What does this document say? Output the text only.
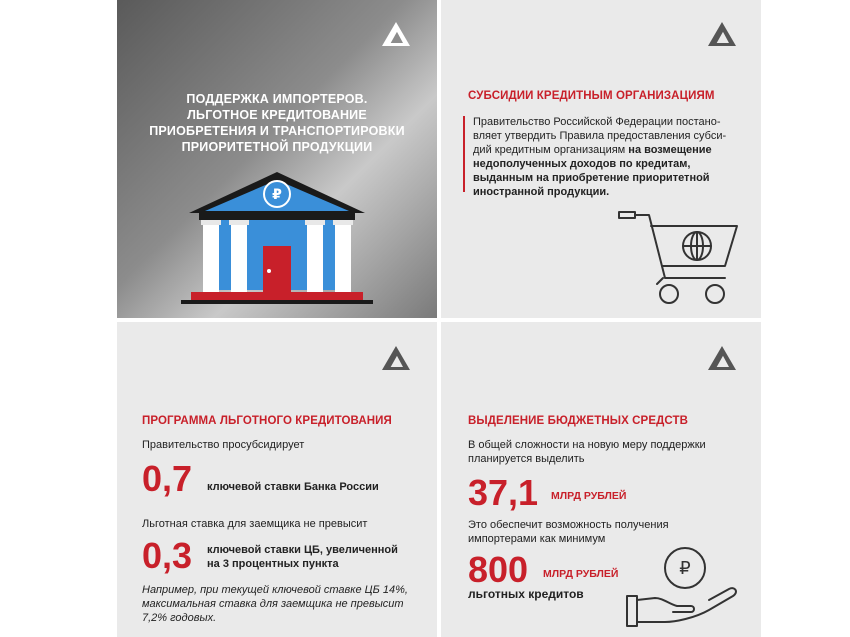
ПОДДЕРЖКА ИМПОРТЕРОВ.
ЛЬГОТНОЕ КРЕДИТОВАНИЕ
ПРИОБРЕТЕНИЯ И ТРАНСПОРТИРОВКИ
ПРИОРИТЕТНОЙ ПРОДУКЦИИ
₽
СУБСИДИИ КРЕДИТНЫМ ОРГАНИЗАЦИЯМ
Правительство Российской Федерации постано-
вляет утвердить Правила предоставления субси-
дий кредитным организациям на возмещение
недополученных доходов по кредитам,
выданным на приобретение приоритетной
иностранной продукции.
ПРОГРАММА ЛЬГОТНОГО КРЕДИТОВАНИЯ
Правительство просубсидирует
0,7 ключевой ставки Банка России
Льготная ставка для заемщика не превысит
0,3 ключевой ставки ЦБ, увеличенной
на 3 процентных пункта
Например, при текущей ключевой ставке ЦБ 14%,
максимальная ставка для заемщика не превысит
7,2% годовых.
ВЫДЕЛЕНИЕ БЮДЖЕТНЫХ СРЕДСТВ
В общей сложности на новую меру поддержки
планируется выделить
37,1 МЛРД РУБЛЕЙ
Это обеспечит возможность получения
импортерами как минимум
800 МЛРД РУБЛЕЙ
льготных кредитов
₽
